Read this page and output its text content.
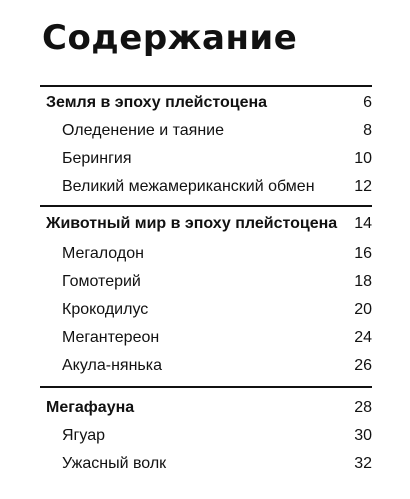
Содержание
Земля в эпоху плейстоцена	6
Оледенение и таяние	8
Берингия	10
Великий межамериканский обмен 12
Животный мир в эпоху плейстоцена 14
Мегалодон	16
Гомотерий	18
Крокодилус	20
Мегантереон	24
Акула-нянька	26
Мегафауна	28
Ягуар	30
Ужасный волк	32
